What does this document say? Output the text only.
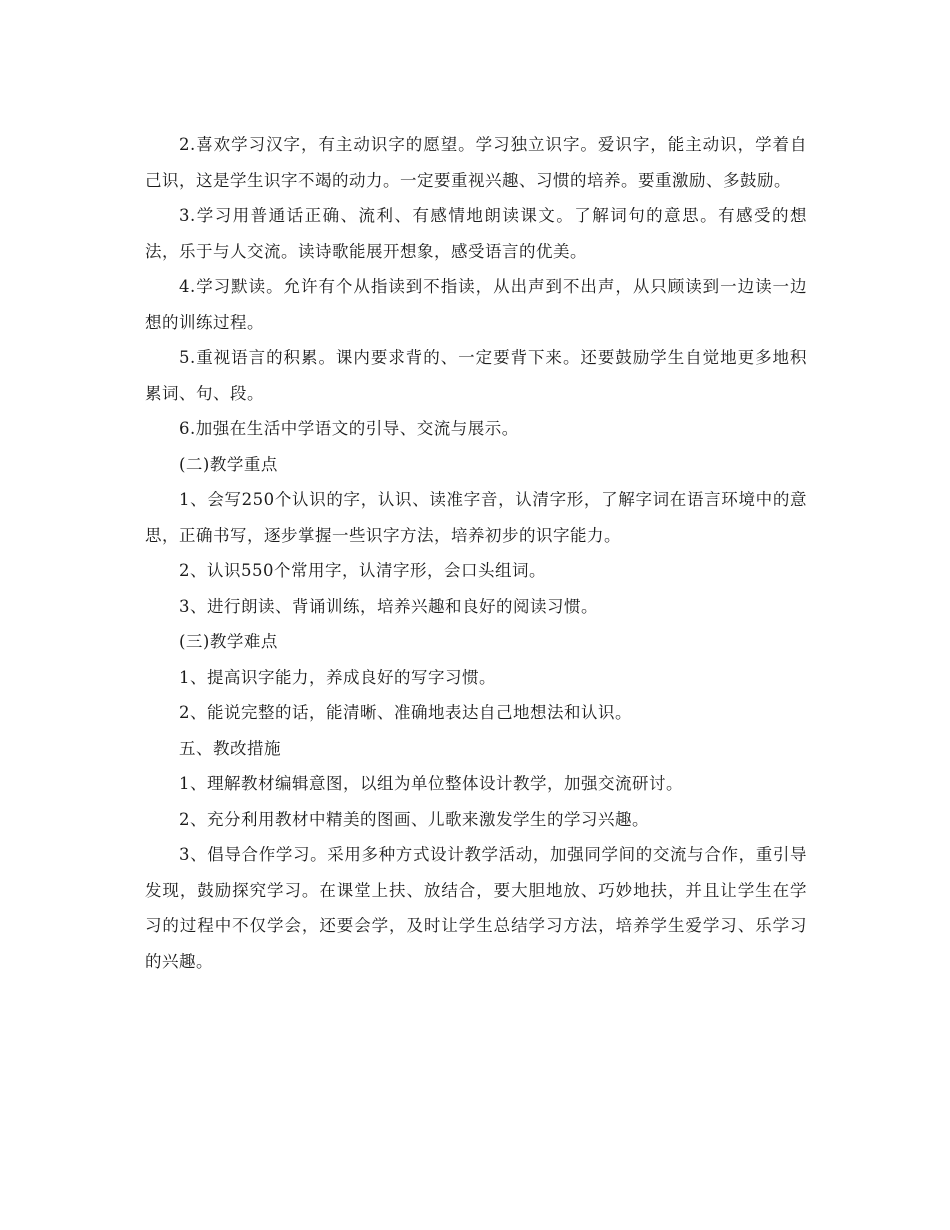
2.喜欢学习汉字，有主动识字的愿望。学习独立识字。爱识字，能主动识，学着自己识，这是学生识字不竭的动力。一定要重视兴趣、习惯的培养。要重激励、多鼓励。

3.学习用普通话正确、流利、有感情地朗读课文。了解词句的意思。有感受的想法，乐于与人交流。读诗歌能展开想象，感受语言的优美。

4.学习默读。允许有个从指读到不指读，从出声到不出声，从只顾读到一边读一边想的训练过程。

5.重视语言的积累。课内要求背的、一定要背下来。还要鼓励学生自觉地更多地积累词、句、段。

6.加强在生活中学语文的引导、交流与展示。

(二)教学重点

1、会写250个认识的字，认识、读准字音，认清字形，了解字词在语言环境中的意思，正确书写，逐步掌握一些识字方法，培养初步的识字能力。

2、认识550个常用字，认清字形，会口头组词。

3、进行朗读、背诵训练，培养兴趣和良好的阅读习惯。

(三)教学难点

1、提高识字能力，养成良好的写字习惯。

2、能说完整的话，能清晰、准确地表达自己地想法和认识。

五、教改措施

1、理解教材编辑意图，以组为单位整体设计教学，加强交流研讨。

2、充分利用教材中精美的图画、儿歌来激发学生的学习兴趣。

3、倡导合作学习。采用多种方式设计教学活动，加强同学间的交流与合作，重引导发现，鼓励探究学习。在课堂上扶、放结合，要大胆地放、巧妙地扶，并且让学生在学习的过程中不仅学会，还要会学，及时让学生总结学习方法，培养学生爱学习、乐学习的兴趣。
